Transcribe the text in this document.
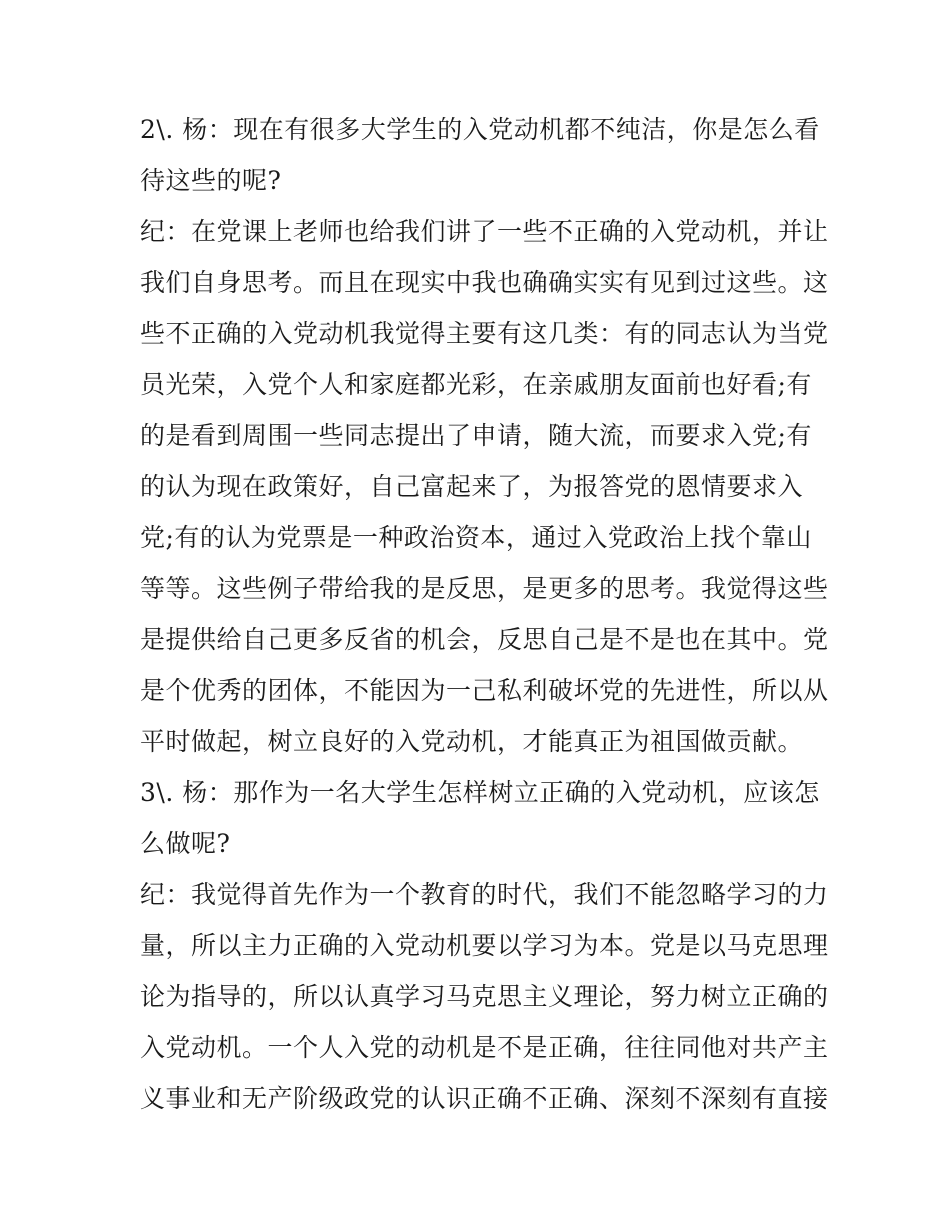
2\. 杨：现在有很多大学生的入党动机都不纯洁，你是怎么看
待这些的呢?
纪：在党课上老师也给我们讲了一些不正确的入党动机，并让
我们自身思考。而且在现实中我也确确实实有见到过这些。这
些不正确的入党动机我觉得主要有这几类：有的同志认为当党
员光荣，入党个人和家庭都光彩，在亲戚朋友面前也好看;有
的是看到周围一些同志提出了申请，随大流，而要求入党;有
的认为现在政策好，自己富起来了，为报答党的恩情要求入
党;有的认为党票是一种政治资本，通过入党政治上找个靠山
等等。这些例子带给我的是反思，是更多的思考。我觉得这些
是提供给自己更多反省的机会，反思自己是不是也在其中。党
是个优秀的团体，不能因为一己私利破坏党的先进性，所以从
平时做起，树立良好的入党动机，才能真正为祖国做贡献。
3\. 杨：那作为一名大学生怎样树立正确的入党动机，应该怎
么做呢?
纪：我觉得首先作为一个教育的时代，我们不能忽略学习的力
量，所以主力正确的入党动机要以学习为本。党是以马克思理
论为指导的，所以认真学习马克思主义理论，努力树立正确的
入党动机。一个人入党的动机是不是正确，往往同他对共产主
义事业和无产阶级政党的认识正确不正确、深刻不深刻有直接
